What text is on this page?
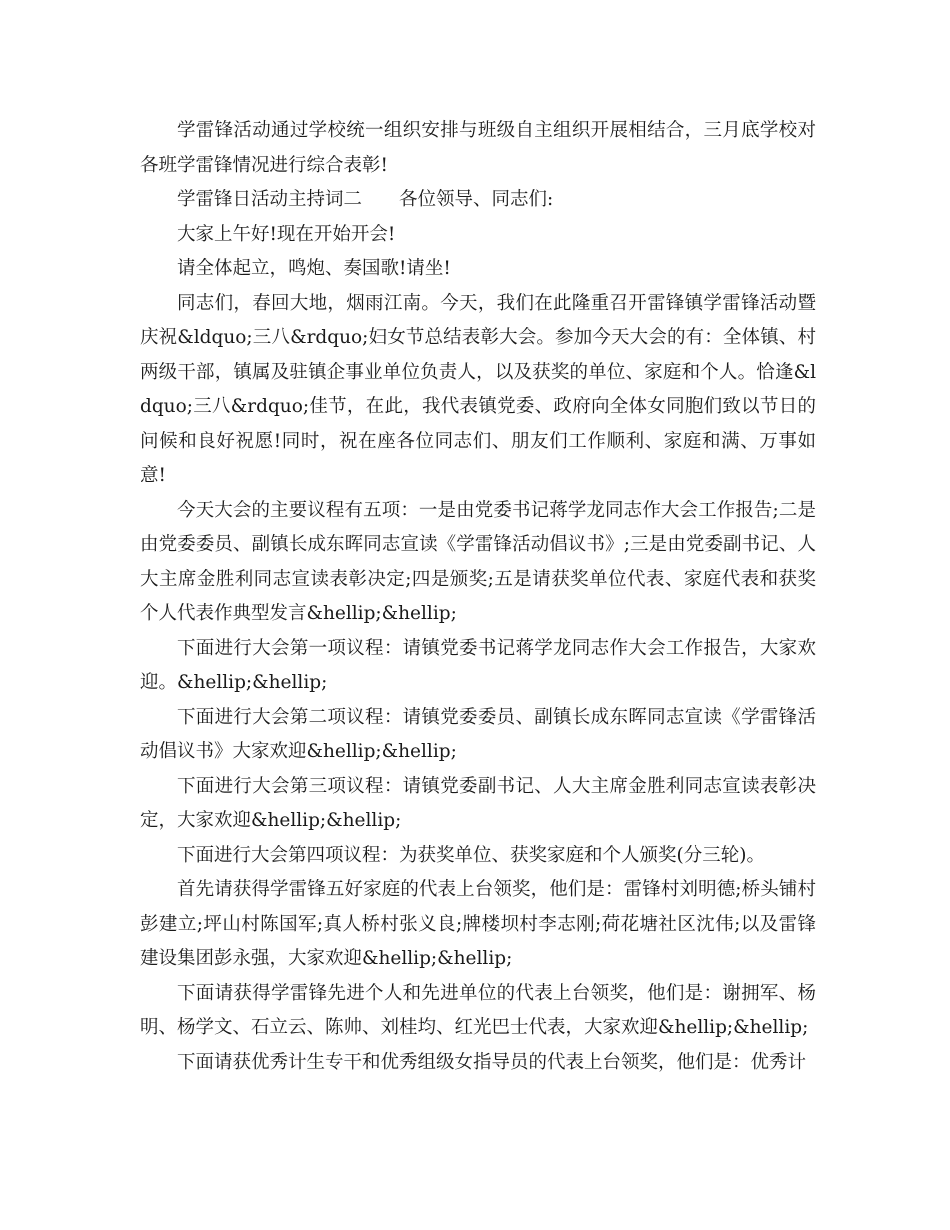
学雷锋活动通过学校统一组织安排与班级自主组织开展相结合，三月底学校对各班学雷锋情况进行综合表彰!

学雷锋日活动主持词二　　各位领导、同志们:

大家上午好!现在开始开会!

请全体起立，鸣炮、奏国歌!请坐!

同志们，春回大地，烟雨江南。今天，我们在此隆重召开雷锋镇学雷锋活动暨庆祝&ldquo;三八&rdquo;妇女节总结表彰大会。参加今天大会的有：全体镇、村两级干部，镇属及驻镇企事业单位负责人，以及获奖的单位、家庭和个人。恰逢&ldquo;三八&rdquo;佳节，在此，我代表镇党委、政府向全体女同胞们致以节日的问候和良好祝愿!同时，祝在座各位同志们、朋友们工作顺利、家庭和满、万事如意!

今天大会的主要议程有五项：一是由党委书记蒋学龙同志作大会工作报告;二是由党委委员、副镇长成东晖同志宣读《学雷锋活动倡议书》;三是由党委副书记、人大主席金胜利同志宣读表彰决定;四是颁奖;五是请获奖单位代表、家庭代表和获奖个人代表作典型发言&hellip;&hellip;

下面进行大会第一项议程：请镇党委书记蒋学龙同志作大会工作报告，大家欢迎。&hellip;&hellip;

下面进行大会第二项议程：请镇党委委员、副镇长成东晖同志宣读《学雷锋活动倡议书》大家欢迎&hellip;&hellip;

下面进行大会第三项议程：请镇党委副书记、人大主席金胜利同志宣读表彰决定，大家欢迎&hellip;&hellip;

下面进行大会第四项议程：为获奖单位、获奖家庭和个人颁奖(分三轮)。

首先请获得学雷锋五好家庭的代表上台领奖，他们是：雷锋村刘明德;桥头铺村彭建立;坪山村陈国军;真人桥村张义良;牌楼坝村李志刚;荷花塘社区沈伟;以及雷锋建设集团彭永强，大家欢迎&hellip;&hellip;

下面请获得学雷锋先进个人和先进单位的代表上台领奖，他们是：谢拥军、杨明、杨学文、石立云、陈帅、刘桂均、红光巴士代表，大家欢迎&hellip;&hellip;

下面请获优秀计生专干和优秀组级女指导员的代表上台领奖，他们是：优秀计
